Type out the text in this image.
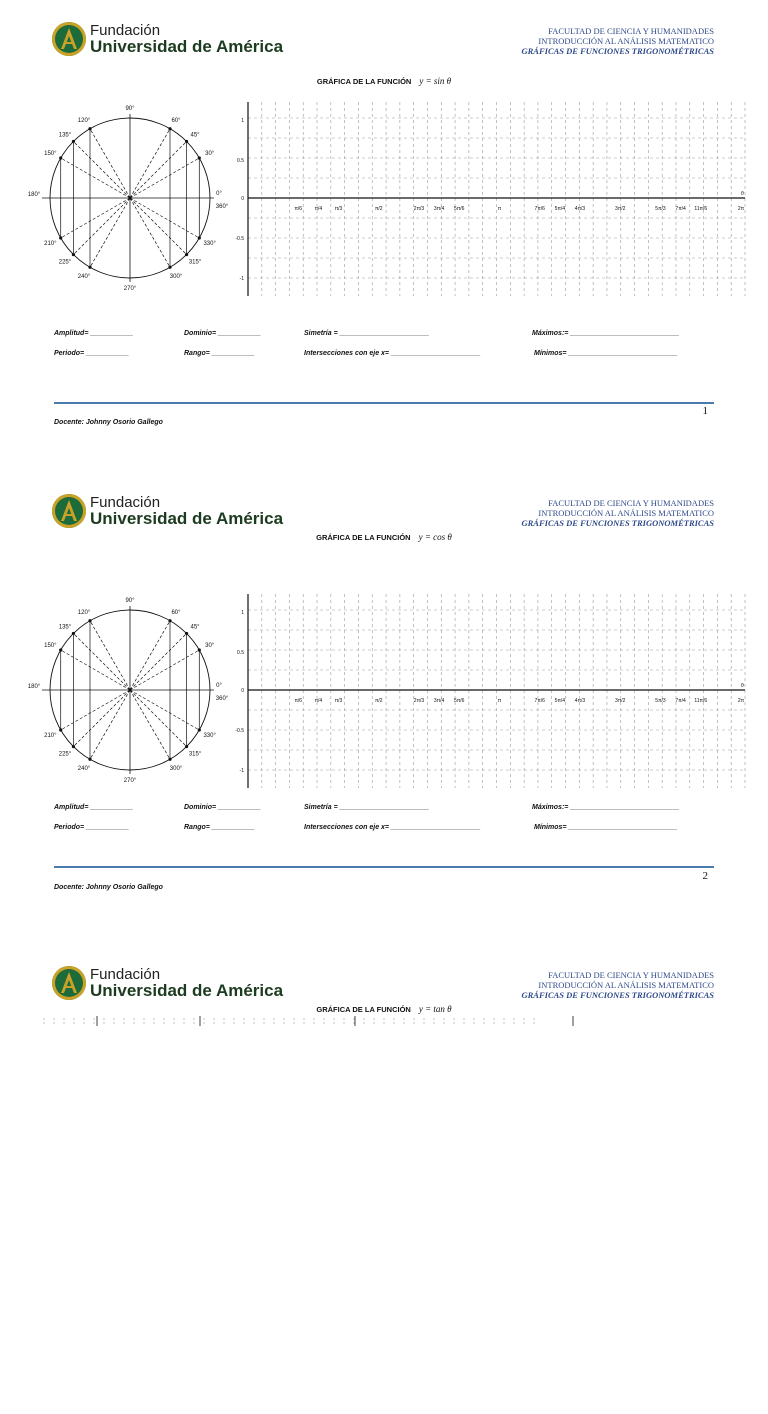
Fundación
Universidad de América
FACULTAD DE CIENCIA Y HUMANIDADES
INTRODUCCIÓN AL ANÁLISIS MATEMATICO
GRÁFICAS DE FUNCIONES TRIGONOMÉTRICAS
GRÁFICA DE LA FUNCIÓN y = sin θ
0°
30°
45°
60°
90°
120°
135°
150°
180°
210°
225°
240°
270°
300°
315°
330°
360°
1
0.5
0
-0.5
-1
π/6	π/4	π/3	π/2	2π/3 3π/4 5π/6	π	7π/6 5π/4 4π/3	3π/2	5π/3 7π/4 11π/6	2π
θ
Amplitud= ___________	Dominio= ___________	Simetría = _______________________	Máximos:= ____________________________
Periodo= ___________	Rango= ___________	Intersecciones con eje x= _______________________	Mínimos= ____________________________
1
Docente: Johnny Osorio Gallego
Fundación
Universidad de América
FACULTAD DE CIENCIA Y HUMANIDADES
INTRODUCCIÓN AL ANÁLISIS MATEMATICO
GRÁFICAS DE FUNCIONES TRIGONOMÉTRICAS
GRÁFICA DE LA FUNCIÓN y = cos θ
0°
30°
45°
60°
90°
120°
135°
150°
180°
210°
225°
240°
270°
300°
315°
330°
360°
1
0.5
0
-0.5
-1
π/6	π/4	π/3	π/2	2π/3 3π/4 5π/6	π	7π/6 5π/4 4π/3	3π/2	5π/3 7π/4 11π/6	2π
θ
Amplitud= ___________	Dominio= ___________	Simetría = _______________________	Máximos:= ____________________________
Periodo= ___________	Rango= ___________	Intersecciones con eje x= _______________________	Mínimos= ____________________________
2
Docente: Johnny Osorio Gallego
Fundación
Universidad de América
FACULTAD DE CIENCIA Y HUMANIDADES
INTRODUCCIÓN AL ANÁLISIS MATEMATICO
GRÁFICAS DE FUNCIONES TRIGONOMÉTRICAS
GRÁFICA DE LA FUNCIÓN y = tan θ
